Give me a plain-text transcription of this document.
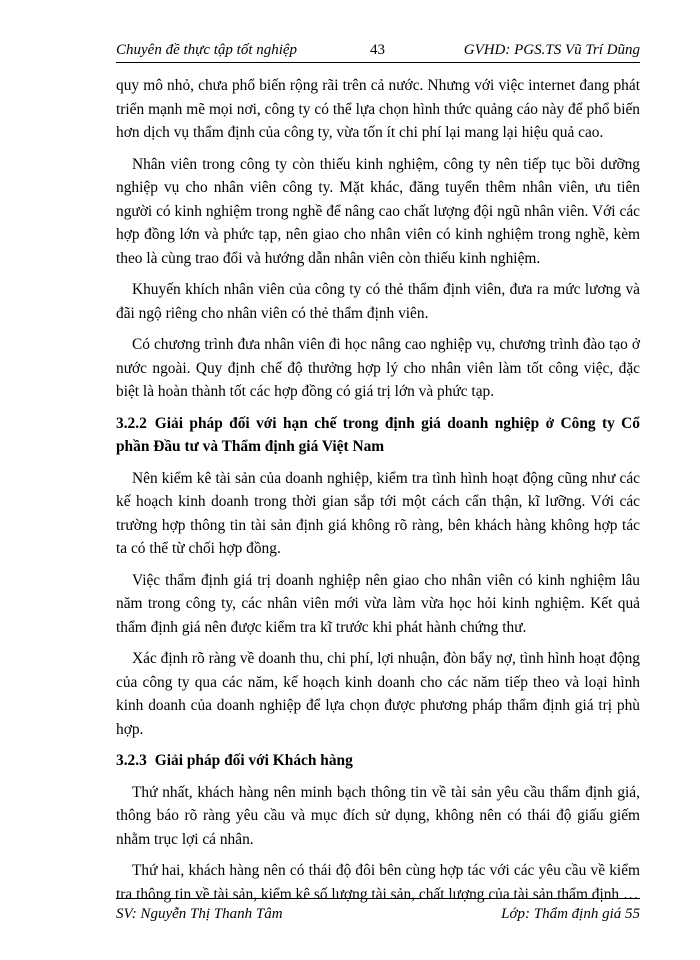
Chuyên đề thực tập tốt nghiệp	43	GVHD: PGS.TS Vũ Trí Dũng

quy mô nhỏ, chưa phổ biến rộng rãi trên cả nước. Nhưng với việc internet đang phát triển mạnh mẽ mọi nơi, công ty có thể lựa chọn hình thức quảng cáo này để phổ biến hơn dịch vụ thẩm định của công ty, vừa tốn ít chi phí lại mang lại hiệu quả cao.

Nhân viên trong công ty còn thiếu kinh nghiệm, công ty nên tiếp tục bồi dưỡng nghiệp vụ cho nhân viên công ty. Mặt khác, đăng tuyển thêm nhân viên, ưu tiên người có kinh nghiệm trong nghề để nâng cao chất lượng đội ngũ nhân viên. Với các hợp đồng lớn và phức tạp, nên giao cho nhân viên có kinh nghiệm trong nghề, kèm theo là cùng trao đổi và hướng dẫn nhân viên còn thiếu kinh nghiệm.

Khuyến khích nhân viên của công ty có thẻ thẩm định viên, đưa ra mức lương và đãi ngộ riêng cho nhân viên có thẻ thẩm định viên.

Có chương trình đưa nhân viên đi học nâng cao nghiệp vụ, chương trình đào tạo ở nước ngoài. Quy định chế độ thưởng hợp lý cho nhân viên làm tốt công việc, đặc biệt là hoàn thành tốt các hợp đồng có giá trị lớn và phức tạp.

3.2.2 Giải pháp đối với hạn chế trong định giá doanh nghiệp ở Công ty Cổ phần Đầu tư và Thẩm định giá Việt Nam

Nên kiểm kê tài sản của doanh nghiệp, kiểm tra tình hình hoạt động cũng như các kế hoạch kinh doanh trong thời gian sắp tới một cách cẩn thận, kĩ lưỡng. Với các trường hợp thông tin tài sản định giá không rõ ràng, bên khách hàng không hợp tác ta có thể từ chối hợp đồng.

Việc thẩm định giá trị doanh nghiệp nên giao cho nhân viên có kinh nghiệm lâu năm trong công ty, các nhân viên mới vừa làm vừa học hỏi kinh nghiệm. Kết quả thẩm định giá nên được kiểm tra kĩ trước khi phát hành chứng thư.

Xác định rõ ràng về doanh thu, chi phí, lợi nhuận, đòn bẩy nợ, tình hình hoạt động của công ty qua các năm, kế hoạch kinh doanh cho các năm tiếp theo và loại hình kinh doanh của doanh nghiệp để lựa chọn được phương pháp thẩm định giá trị phù hợp.

3.2.3 Giải pháp đối với Khách hàng

Thứ nhất, khách hàng nên minh bạch thông tin về tài sản yêu cầu thẩm định giá, thông báo rõ ràng yêu cầu và mục đích sử dụng, không nên có thái độ giấu giếm nhằm trục lợi cá nhân.

Thứ hai, khách hàng nên có thái độ đôi bên cùng hợp tác với các yêu cầu về kiểm tra thông tin về tài sản, kiểm kê số lượng tài sản, chất lượng của tài sản thẩm định …

SV: Nguyễn Thị Thanh Tâm	Lớp: Thẩm định giá 55
